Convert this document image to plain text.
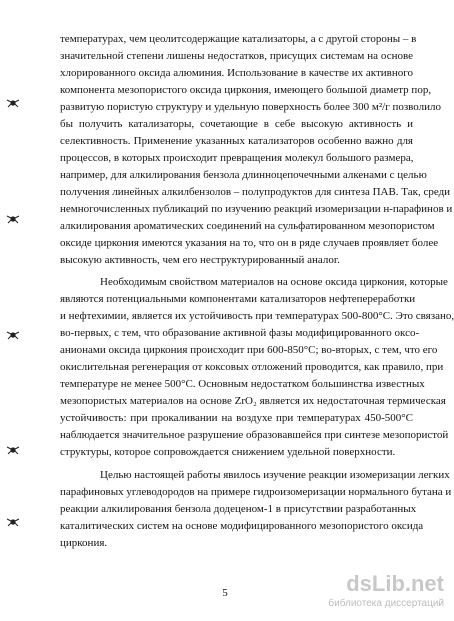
температурах, чем цеолитсодержащие катализаторы, а с другой стороны – в
значительной степени лишены недостатков, присущих системам на основе
хлорированного оксида алюминия. Использование в качестве их активного
компонента мезопористого оксида циркония, имеющего большой диаметр пор,
развитую пористую структуру и удельную поверхность более 300 м²/г позволило
бы получить катализаторы, сочетающие в себе высокую активность и
селективность. Применение указанных катализаторов особенно важно для
процессов, в которых происходит превращения молекул большого размера,
например, для алкилирования бензола длинноцепочечными алкенами с целью
получения линейных алкилбензолов – полупродуктов для синтеза ПАВ. Так, среди
немногочисленных публикаций по изучению реакций изомеризации н-парафинов и
алкилирования ароматических соединений на сульфатированном мезопористом
оксиде циркония имеются указания на то, что он в ряде случаев проявляет более
высокую активность, чем его неструктурированный аналог.
Необходимым свойством материалов на основе оксида циркония, которые
являются потенциальными компонентами катализаторов нефтепереработки
и нефтехимии, является их устойчивость при температурах 500-800°С. Это связано,
во-первых, с тем, что образование активной фазы модифицированного оксо-
анионами оксида циркония происходит при 600-850°С; во-вторых, с тем, что его
окислительная регенерация от коксовых отложений проводится, как правило, при
температуре не менее 500°С. Основным недостатком большинства известных
мезопористых материалов на основе ZrO₂ является их недостаточная термическая
устойчивость: при прокаливании на воздухе при температурах 450-500°С
наблюдается значительное разрушение образовавшейся при синтезе мезопористой
структуры, которое сопровождается снижением удельной поверхности.
Целью настоящей работы явилось изучение реакции изомеризации легких
парафиновых углеводородов на примере гидроизомеризации нормального бутана и
реакции алкилирования бензола додеценом-1 в присутствии разработанных
каталитических систем на основе модифицированного мезопористого оксида
циркония.
5	dsLib.net
библиотека диссертаций
